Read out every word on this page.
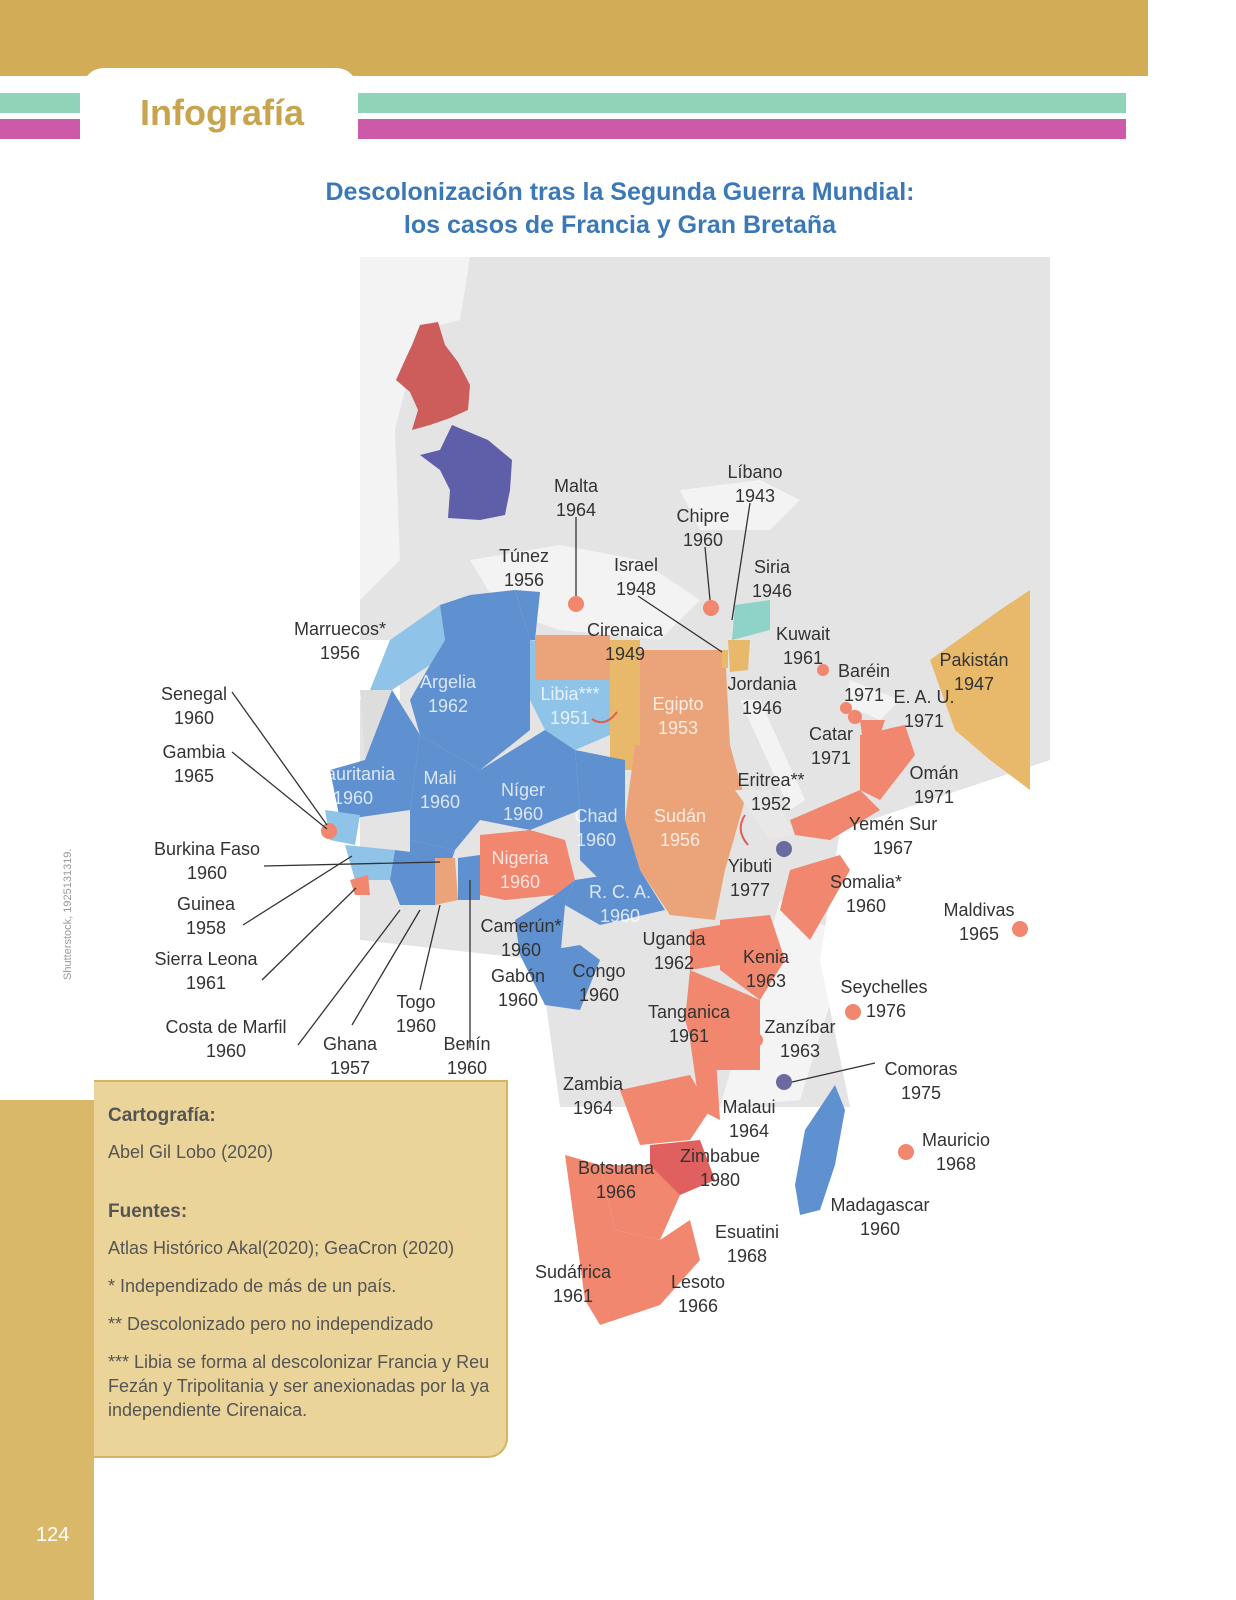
Infografía
Descolonización tras la Segunda Guerra Mundial:
los casos de Francia y Gran Bretaña
Marruecos* 1956
Túnez 1956
Malta 1964
Líbano 1943
Chipre 1960
Israel 1948
Siria 1946
Cirenaica 1949
Kuwait 1961
Jordania 1946
Baréin 1971 E. A. U. 1971
Pakistán 1947
Catar 1971
Omán 1971
Senegal 1960
Gambia 1965
Argelia 1962
Libia*** 1951
Egipto 1953
Mauritania 1960
Mali 1960
Níger 1960
Eritrea** 1952
Yemén Sur 1967
Chad 1960
Sudán 1956
Burkina Faso 1960
Nigeria 1960
Yibuti 1977	Somalia* 1960
Guinea 1958
R. C. A. 1960	Maldivas 1965
Sierra Leona 1961
Camerún* 1960
Uganda 1962	Kenia 1963
Gabón 1960
Congo 1960	Seychelles 1976
Togo 1960
Costa de Marfil 1960
Tanganica 1961	Zanzíbar 1963
Ghana 1957
Benín 1960	Comoras 1975
Zambia 1964	Malaui 1964	Mauricio 1968
Zimbabue 1980
Botsuana 1966
Madagascar 1960
Esuatini 1968
Sudáfrica 1961
Lesoto 1966
Shutterstock, 1925131319.
124

Cartografía:

Abel Gil Lobo (2020)

Fuentes:

Atlas Histórico Akal(2020); GeaCron (2020)

* Independizado de más de un país.

** Descolonizado pero no independizado

*** Libia se forma al descolonizar Francia y Reu Fezán y Tripolitania y ser anexionadas por la ya independiente Cirenaica.
